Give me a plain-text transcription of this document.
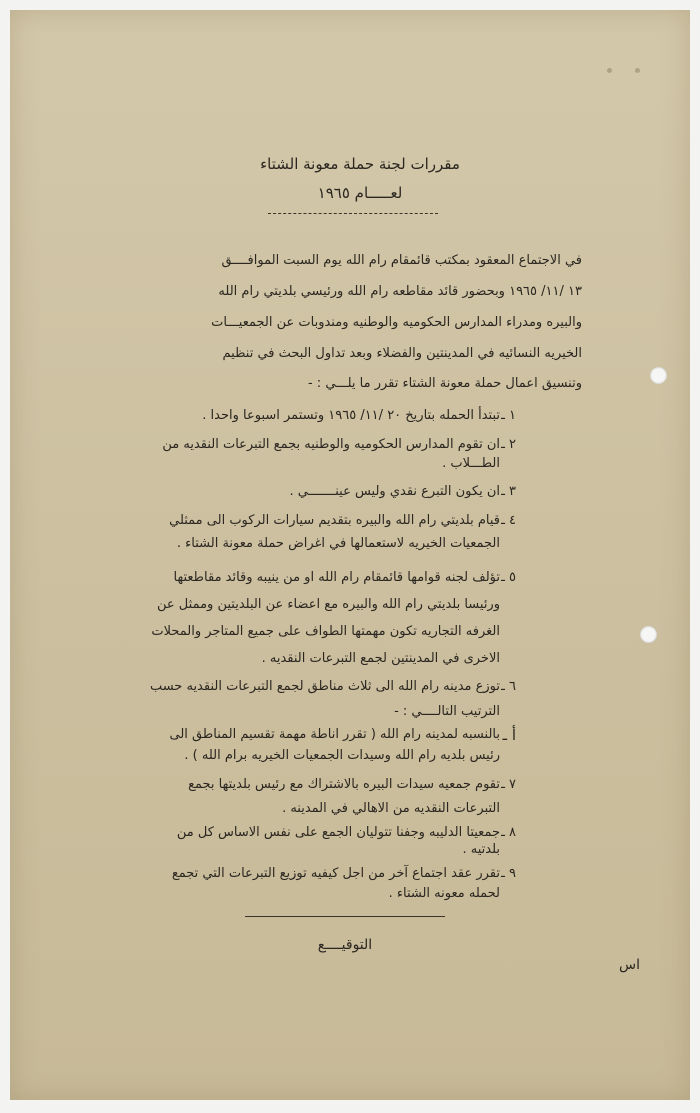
مقررات لجنة حملة معونة الشتاء
لعـــــام ١٩٦٥
في الاجتماع المعقود بمكتب قائمقام رام الله يوم السبت الموافــــق
١٣ /١١/ ١٩٦٥ وبحضور قائد مقاطعه رام الله ورئيسي بلديتي رام الله
والبيره ومدراء المدارس الحكوميه والوطنيه ومندوبات عن الجمعيـــات
الخيريه النسائيه في المدينتين والفضلاء وبعد تداول البحث في تنظيم
وتنسيق اعمال حملة معونة الشتاء تقرر ما يلـــي : -
١ ـ
تبتدأ الحمله بتاريخ ٢٠ /١١/ ١٩٦٥ وتستمر اسبوعا واحدا .
٢ ـ
ان تقوم المدارس الحكوميه والوطنيه بجمع التبرعات النقديه من
الطـــلاب .
٣ ـ
ان يكون التبرع نقدي وليس عينـــــــي .
٤ ـ
قيام بلديتي رام الله والبيره بتقديم سيارات الركوب الى ممثلي
الجمعيات الخيريه لاستعمالها في اغراض حملة معونة الشتاء .
٥ ـ
تؤلف لجنه قوامها قائمقام رام الله او من ينيبه وقائد مقاطعتها
ورئيسا بلديتي رام الله والبيره مع اعضاء عن البلديتين وممثل عن
الغرفه التجاريه تكون مهمتها الطواف على جميع المتاجر والمحلات
الاخرى في المدينتين لجمع التبرعات النقديه .
٦ ـ
توزع مدينه رام الله الى ثلاث مناطق لجمع التبرعات النقديه حسب
الترتيب التالــــي : -
أ ـ
بالنسبه لمدينه رام الله ( تقرر اناطة مهمة تقسيم المناطق الى
رئيس بلديه رام الله وسيدات الجمعيات الخيريه برام الله ) .
٧ ـ
تقوم جمعيه سيدات البيره بالاشتراك مع رئيس بلديتها بجمع
التبرعات النقديه من الاهالي في المدينه .
٨ ـ
جمعيتا الدليبه وجفنا تتوليان الجمع على نفس الاساس كل من
بلدتيه .
٩ ـ
تقرر عقد اجتماع آخر من اجل كيفيه توزيع التبرعات التي تجمع
لحمله معونه الشتاء .
التوقيــــع
اس
